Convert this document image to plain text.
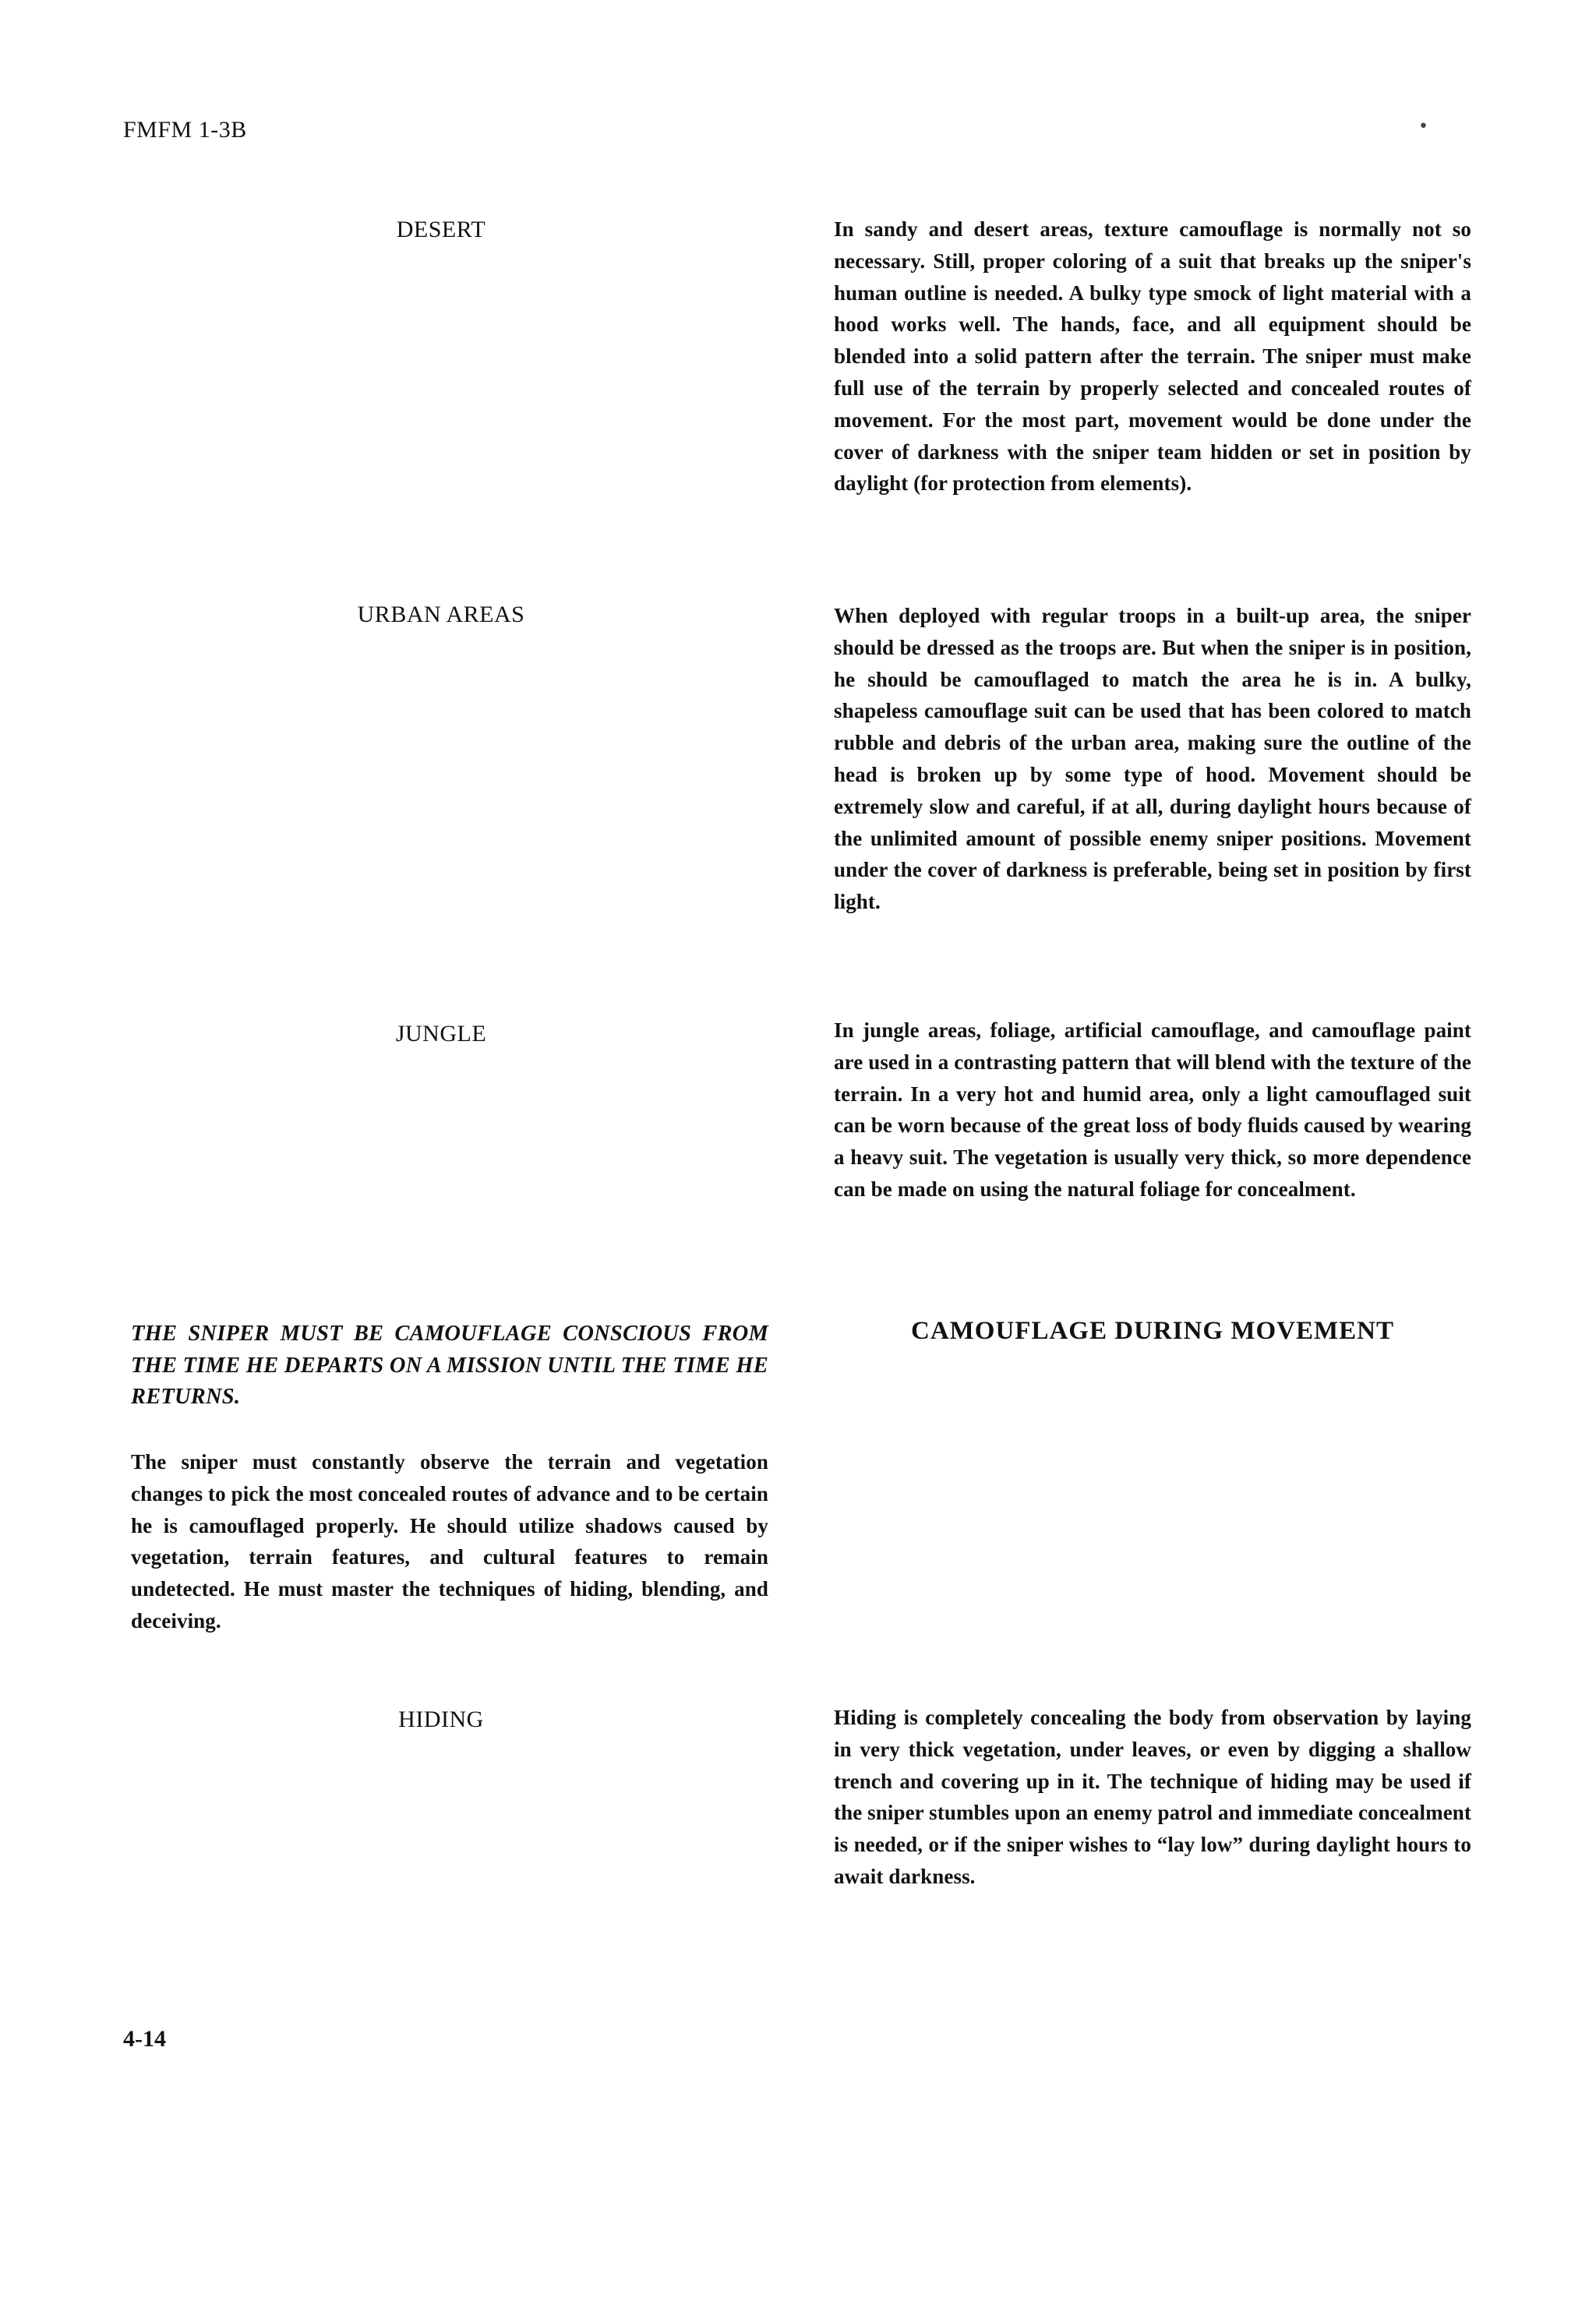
FMFM 1-3B	•
DESERT	In sandy and desert areas, texture camouflage is normally not so necessary. Still, proper coloring of a suit that breaks up the sniper's human outline is needed. A bulky type smock of light material with a hood works well. The hands, face, and all equipment should be blended into a solid pattern after the terrain. The sniper must make full use of the terrain by properly selected and concealed routes of movement. For the most part, movement would be done under the cover of darkness with the sniper team hidden or set in position by daylight (for protection from elements).
URBAN AREAS	When deployed with regular troops in a built-up area, the sniper should be dressed as the troops are. But when the sniper is in position, he should be camouflaged to match the area he is in. A bulky, shapeless camouflage suit can be used that has been colored to match rubble and debris of the urban area, making sure the outline of the head is broken up by some type of hood. Movement should be extremely slow and careful, if at all, during daylight hours because of the unlimited amount of possible enemy sniper positions. Movement under the cover of darkness is preferable, being set in position by first light.
JUNGLE	In jungle areas, foliage, artificial camouflage, and camouflage paint are used in a contrasting pattern that will blend with the texture of the terrain. In a very hot and humid area, only a light camouflaged suit can be worn because of the great loss of body fluids caused by wearing a heavy suit. The vegetation is usually very thick, so more dependence can be made on using the natural foliage for concealment.
THE SNIPER MUST BE CAMOUFLAGE CONSCIOUS FROM THE TIME HE DEPARTS ON A MISSION UNTIL THE TIME HE RETURNS.
CAMOUFLAGE DURING MOVEMENT
The sniper must constantly observe the terrain and vegetation changes to pick the most concealed routes of advance and to be certain he is camouflaged properly. He should utilize shadows caused by vegetation, terrain features, and cultural features to remain undetected. He must master the techniques of hiding, blending, and deceiving.
HIDING	Hiding is completely concealing the body from observation by laying in very thick vegetation, under leaves, or even by digging a shallow trench and covering up in it. The technique of hiding may be used if the sniper stumbles upon an enemy patrol and immediate concealment is needed, or if the sniper wishes to “lay low” during daylight hours to await darkness.
4-14
